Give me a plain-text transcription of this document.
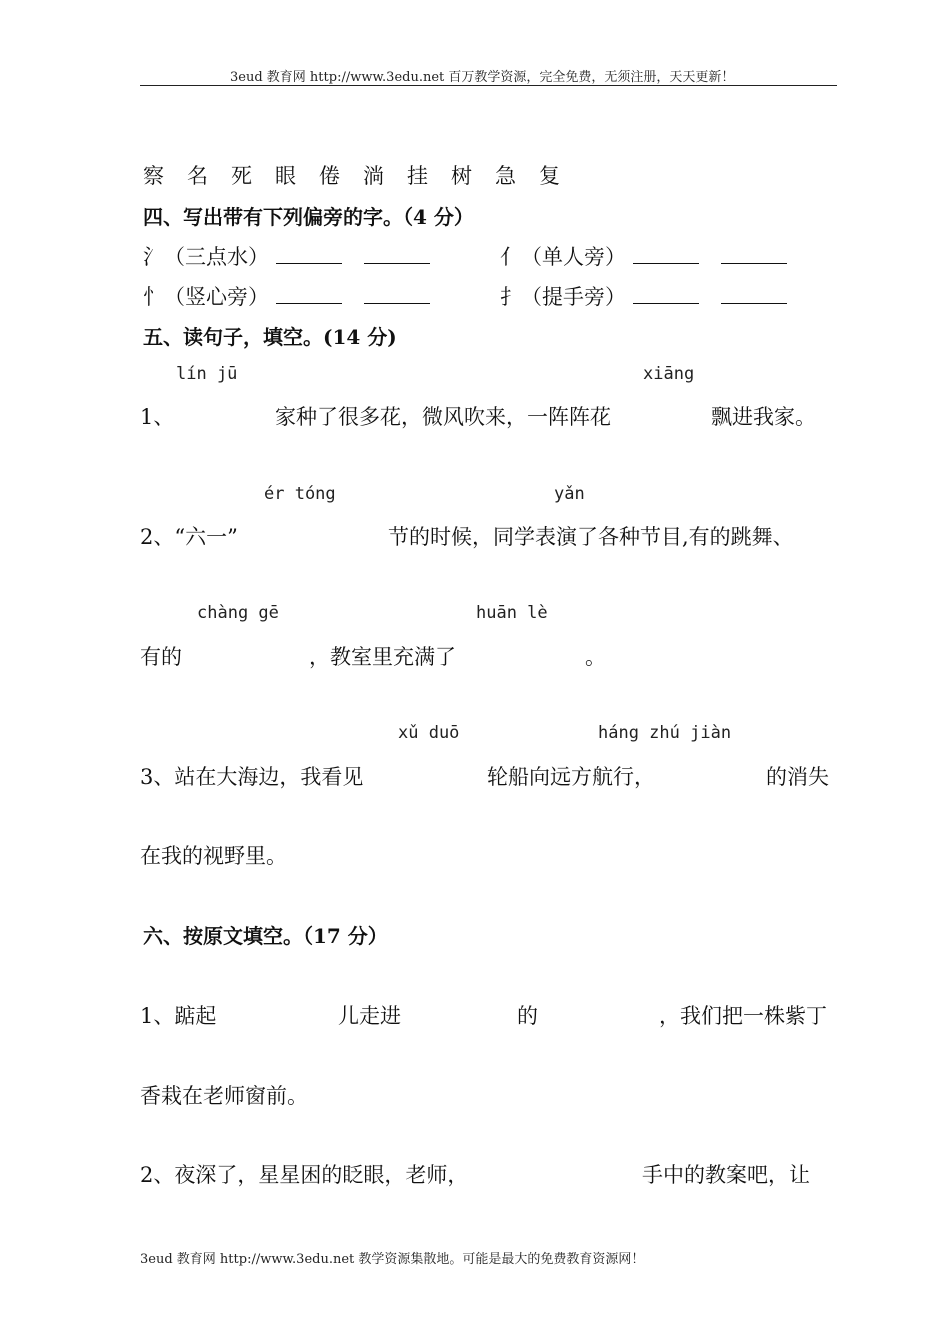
3eud 教育网 http://www.3edu.net 百万教学资源，完全免费，无须注册，天天更新！
察 名 死 眼 倦 淌 挂 树 急 复
四、写出带有下列偏旁的字。（4 分）
氵（三点水）	亻（单人旁）
忄（竖心旁）	扌（提手旁）
五、读句子，填空。(14 分)
lín jū	xiāng
1、	家种了很多花，微风吹来，一阵阵花	飘进我家。
ér tóng	yǎn
2、“六一”	节的时候，同学表演了各种节目,有的跳舞、
chàng gē	huān lè
有的	，教室里充满了	。
xǔ duō	háng zhú jiàn
3、站在大海边，我看见	轮船向远方航行，	的消失
在我的视野里。
六、按原文填空。（17 分）
1、踮起	儿走进	的	，我们把一株紫丁
香栽在老师窗前。
2、夜深了，星星困的眨眼，老师，	手中的教案吧，让
3eud 教育网 http://www.3edu.net 教学资源集散地。可能是最大的免费教育资源网！
